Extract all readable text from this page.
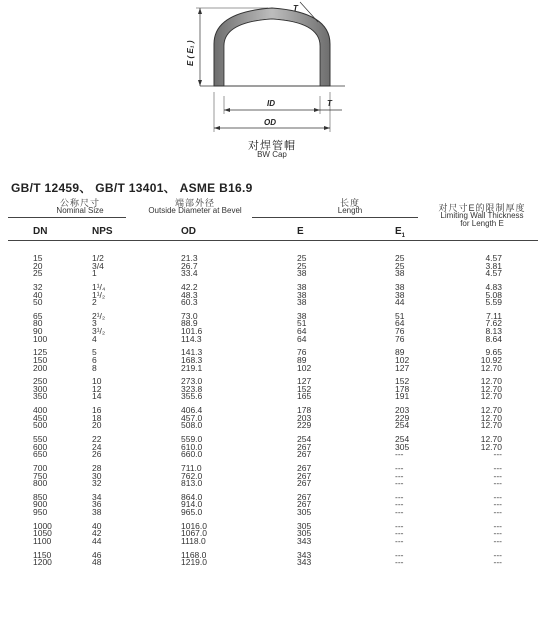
T
E ( E₁ )
ID	T
OD
对焊管帽
BW Cap
GB/T 12459、 GB/T 13401、 ASME B16.9
公称尺寸
Nominal Size
端部外径
Outside Diameter at Bevel
长度
Length	对尺寸E的限制厚度
Limiting Wall Thickness
for Length E
DN	NPS	OD	E	$E_1$
15	1/2	21.3	25	25	4.57
20	3/4	26.7	25	25	3.81
25	1	33.4	38	38	4.57
32	1¹/₄	42.2	38	38	4.83
40	1¹/₂	48.3	38	38	5.08
50	2	60.3	38	44	5.59
65	2¹/₂	73.0	38	51	7.11
80	3	88.9	51	64	7.62
90	3¹/₂	101.6	64	76	8.13
100	4	114.3	64	76	8.64
125	5	141.3	76	89	9.65
150	6	168.3	89	102	10.92
200	8	219.1	102	127	12.70
250	10	273.0	127	152	12.70
300	12	323.8	152	178	12.70
350	14	355.6	165	191	12.70
400	16	406.4	178	203	12.70
450	18	457.0	203	229	12.70
500	20	508.0	229	254	12.70
550	22	559.0	254	254	12.70
600	24	610.0	267	305	12.70
650	26	660.0	267	---	---
700	28	711.0	267	---	---
750	30	762.0	267	---	---
800	32	813.0	267	---	---
850	34	864.0	267	---	---
900	36	914.0	267	---	---
950	38	965.0	305	---	---
1000	40	1016.0	305	---	---
1050	42	1067.0	305	---	---
1100	44	1118.0	343	---	---
1150	46	1168.0	343	---	---
1200	48	1219.0	343	---	---
